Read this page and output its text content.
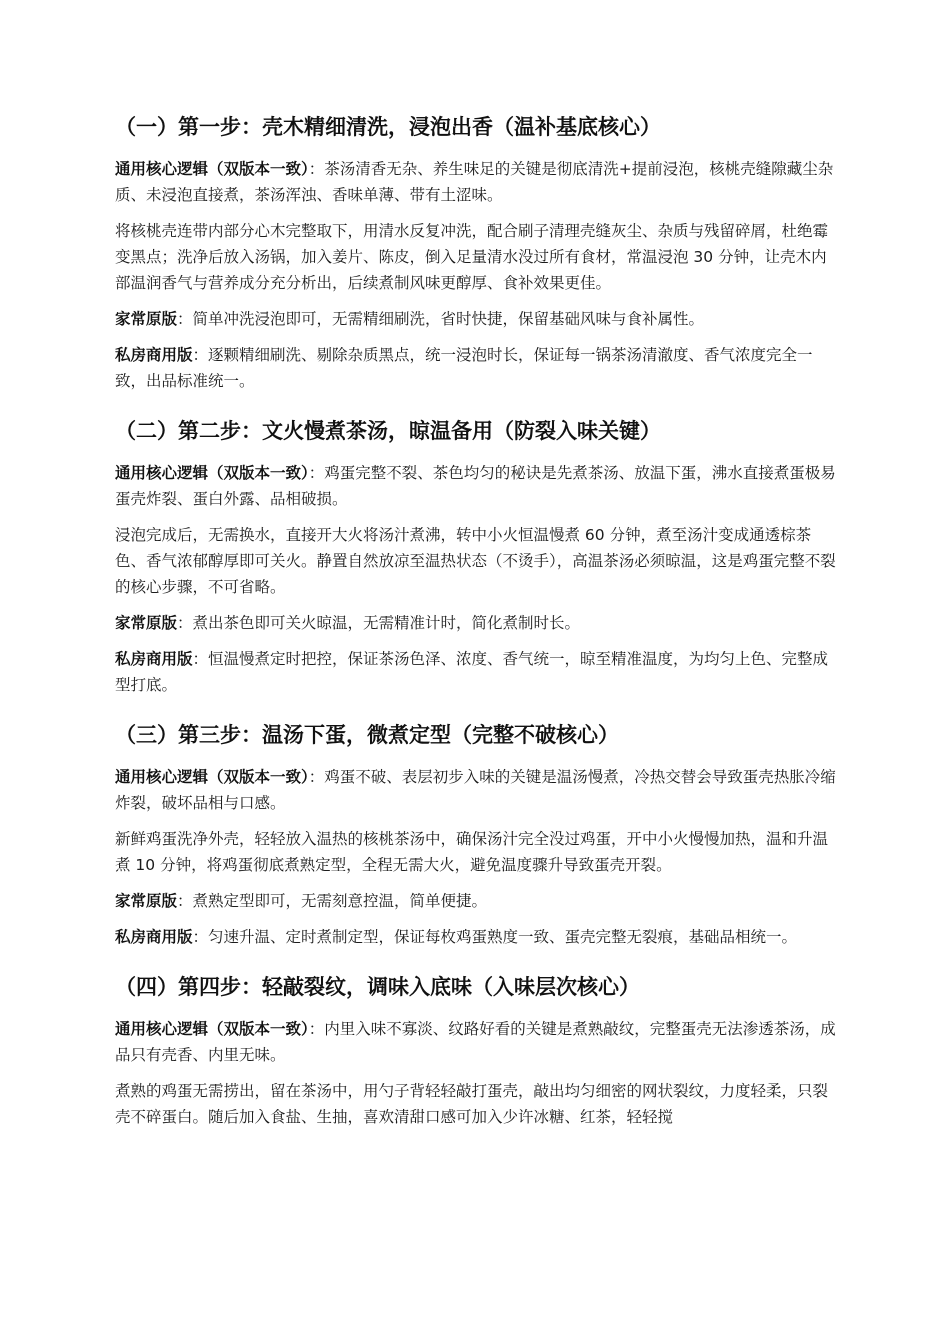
（一）第一步：壳木精细清洗，浸泡出香（温补基底核心）

通用核心逻辑（双版本一致）：茶汤清香无杂、养生味足的关键是彻底清洗+提前浸泡，核桃壳缝隙藏尘杂质、未浸泡直接煮，茶汤浑浊、香味单薄、带有土涩味。

将核桃壳连带内部分心木完整取下，用清水反复冲洗，配合刷子清理壳缝灰尘、杂质与残留碎屑，杜绝霉变黑点；洗净后放入汤锅，加入姜片、陈皮，倒入足量清水没过所有食材，常温浸泡 30 分钟，让壳木内部温润香气与营养成分充分析出，后续煮制风味更醇厚、食补效果更佳。

家常原版：简单冲洗浸泡即可，无需精细刷洗，省时快捷，保留基础风味与食补属性。

私房商用版：逐颗精细刷洗、剔除杂质黑点，统一浸泡时长，保证每一锅茶汤清澈度、香气浓度完全一致，出品标准统一。

（二）第二步：文火慢煮茶汤，晾温备用（防裂入味关键）

通用核心逻辑（双版本一致）：鸡蛋完整不裂、茶色均匀的秘诀是先煮茶汤、放温下蛋，沸水直接煮蛋极易蛋壳炸裂、蛋白外露、品相破损。

浸泡完成后，无需换水，直接开大火将汤汁煮沸，转中小火恒温慢煮 60 分钟，煮至汤汁变成通透棕茶色、香气浓郁醇厚即可关火。静置自然放凉至温热状态（不烫手），高温茶汤必须晾温，这是鸡蛋完整不裂的核心步骤，不可省略。

家常原版：煮出茶色即可关火晾温，无需精准计时，简化煮制时长。

私房商用版：恒温慢煮定时把控，保证茶汤色泽、浓度、香气统一，晾至精准温度，为均匀上色、完整成型打底。

（三）第三步：温汤下蛋，微煮定型（完整不破核心）

通用核心逻辑（双版本一致）：鸡蛋不破、表层初步入味的关键是温汤慢煮，冷热交替会导致蛋壳热胀冷缩炸裂，破坏品相与口感。

新鲜鸡蛋洗净外壳，轻轻放入温热的核桃茶汤中，确保汤汁完全没过鸡蛋，开中小火慢慢加热，温和升温煮 10 分钟，将鸡蛋彻底煮熟定型，全程无需大火，避免温度骤升导致蛋壳开裂。

家常原版：煮熟定型即可，无需刻意控温，简单便捷。

私房商用版：匀速升温、定时煮制定型，保证每枚鸡蛋熟度一致、蛋壳完整无裂痕，基础品相统一。

（四）第四步：轻敲裂纹，调味入底味（入味层次核心）

通用核心逻辑（双版本一致）：内里入味不寡淡、纹路好看的关键是煮熟敲纹，完整蛋壳无法渗透茶汤，成品只有壳香、内里无味。

煮熟的鸡蛋无需捞出，留在茶汤中，用勺子背轻轻敲打蛋壳，敲出均匀细密的网状裂纹，力度轻柔，只裂壳不碎蛋白。随后加入食盐、生抽，喜欢清甜口感可加入少许冰糖、红茶，轻轻搅
